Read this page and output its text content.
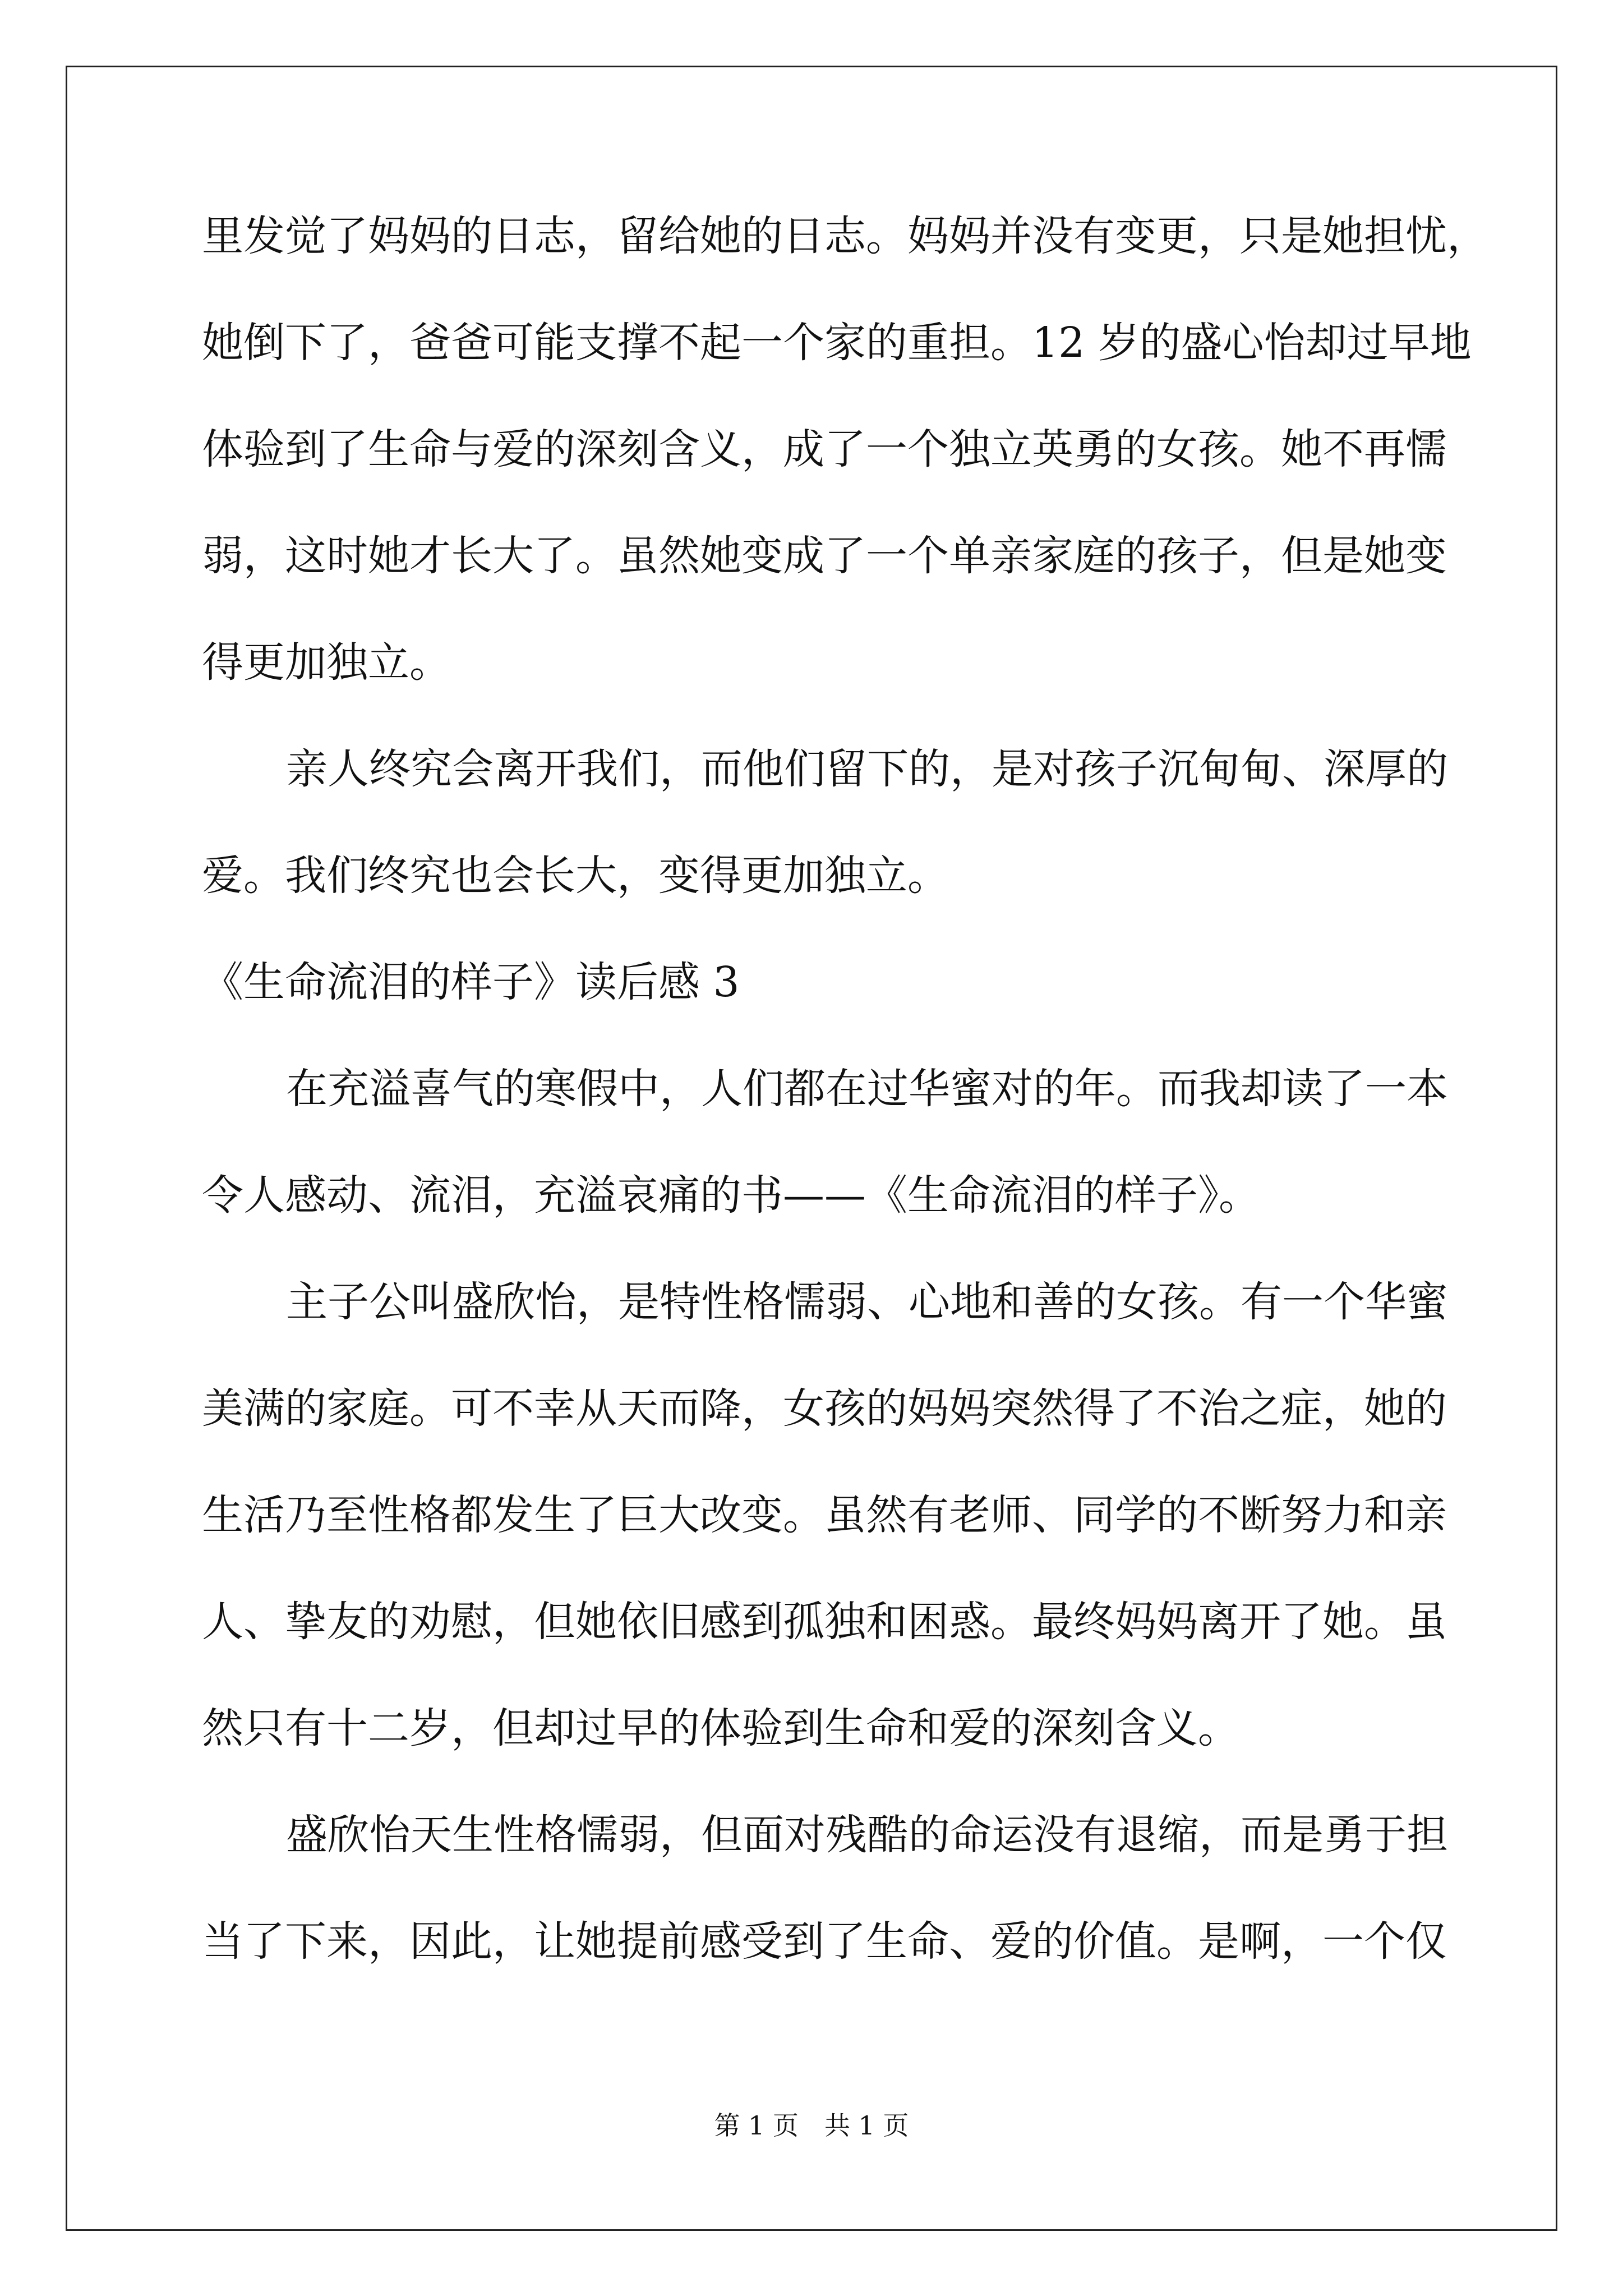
里发觉了妈妈的日志，留给她的日志。妈妈并没有变更，只是她担忧，
她倒下了，爸爸可能支撑不起一个家的重担。12 岁的盛心怡却过早地
体验到了生命与爱的深刻含义，成了一个独立英勇的女孩。她不再懦
弱，这时她才长大了。虽然她变成了一个单亲家庭的孩子，但是她变
得更加独立。
亲人终究会离开我们，而他们留下的，是对孩子沉甸甸、深厚的
爱。我们终究也会长大，变得更加独立。
《生命流泪的样子》读后感 3
在充溢喜气的寒假中，人们都在过华蜜对的年。而我却读了一本
令人感动、流泪，充溢哀痛的书——《生命流泪的样子》。
主子公叫盛欣怡，是特性格懦弱、心地和善的女孩。有一个华蜜
美满的家庭。可不幸从天而降，女孩的妈妈突然得了不治之症，她的
生活乃至性格都发生了巨大改变。虽然有老师、同学的不断努力和亲
人、挚友的劝慰，但她依旧感到孤独和困惑。最终妈妈离开了她。虽
然只有十二岁，但却过早的体验到生命和爱的深刻含义。
盛欣怡天生性格懦弱，但面对残酷的命运没有退缩，而是勇于担
当了下来，因此，让她提前感受到了生命、爱的价值。是啊，一个仅
第 1 页　共 1 页
